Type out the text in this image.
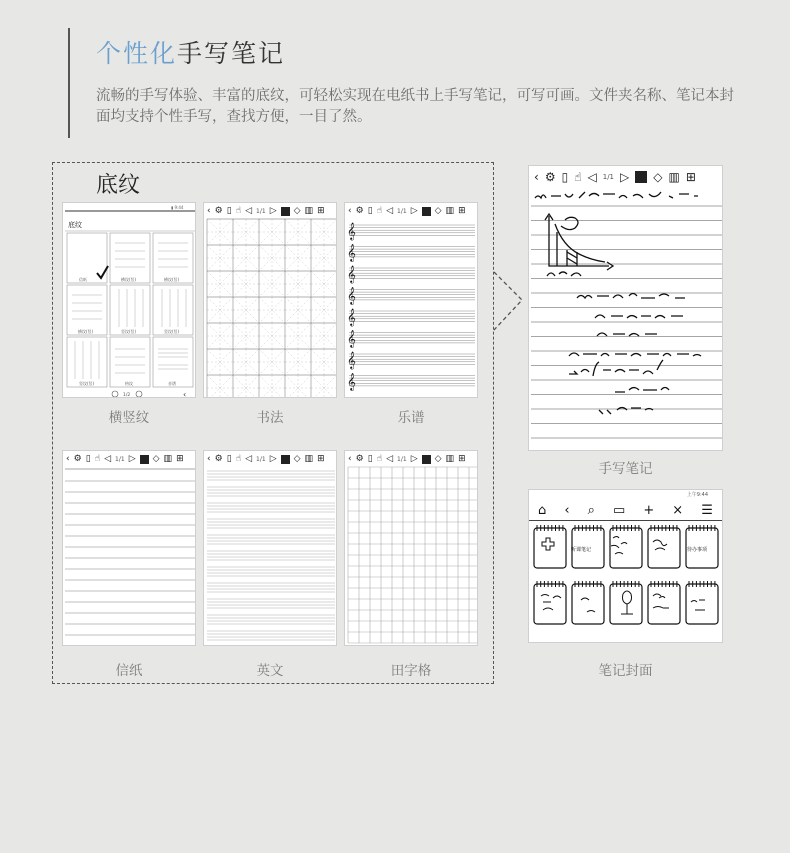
个性化手写笔记
流畅的手写体验、丰富的底纹，可轻松实现在电纸书上手写笔记，可写可画。文件夹名称、笔记本封面均支持个性手写，查找方便，一目了然。
底纹
▮ 9:44
底纹
信纸	横纹(竖)	横纹(竖)
横纹(竖)	竖纹(竖)	竖纹(竖)
竖纹(竖)	格纹	音谱
1/2	‹
横竖纹
‹ ⚙ ▯ ☝ ◁ 1/1 ▷ ◇ ▥ ⊞
书法
‹ ⚙ ▯ ☝ ◁ 1/1 ▷ ◇ ▥ ⊞
𝄞
𝄞
𝄞
𝄞
𝄞
𝄞
𝄞
𝄞
乐谱
‹ ⚙ ▯ ☝ ◁ 1/1 ▷ ◇ ▥ ⊞
信纸
‹ ⚙ ▯ ☝ ◁ 1/1 ▷ ◇ ▥ ⊞
英文
‹ ⚙ ▯ ☝ ◁ 1/1 ▷ ◇ ▥ ⊞
田字格
‹ ⚙ ▯ ☝ ◁ 1/1 ▷ ◇ ▥ ⊞
手写笔记
上午9:44
⌂ ‹ ⌕ ▭ + × ☰
听课笔记	待办事项
笔记封面
